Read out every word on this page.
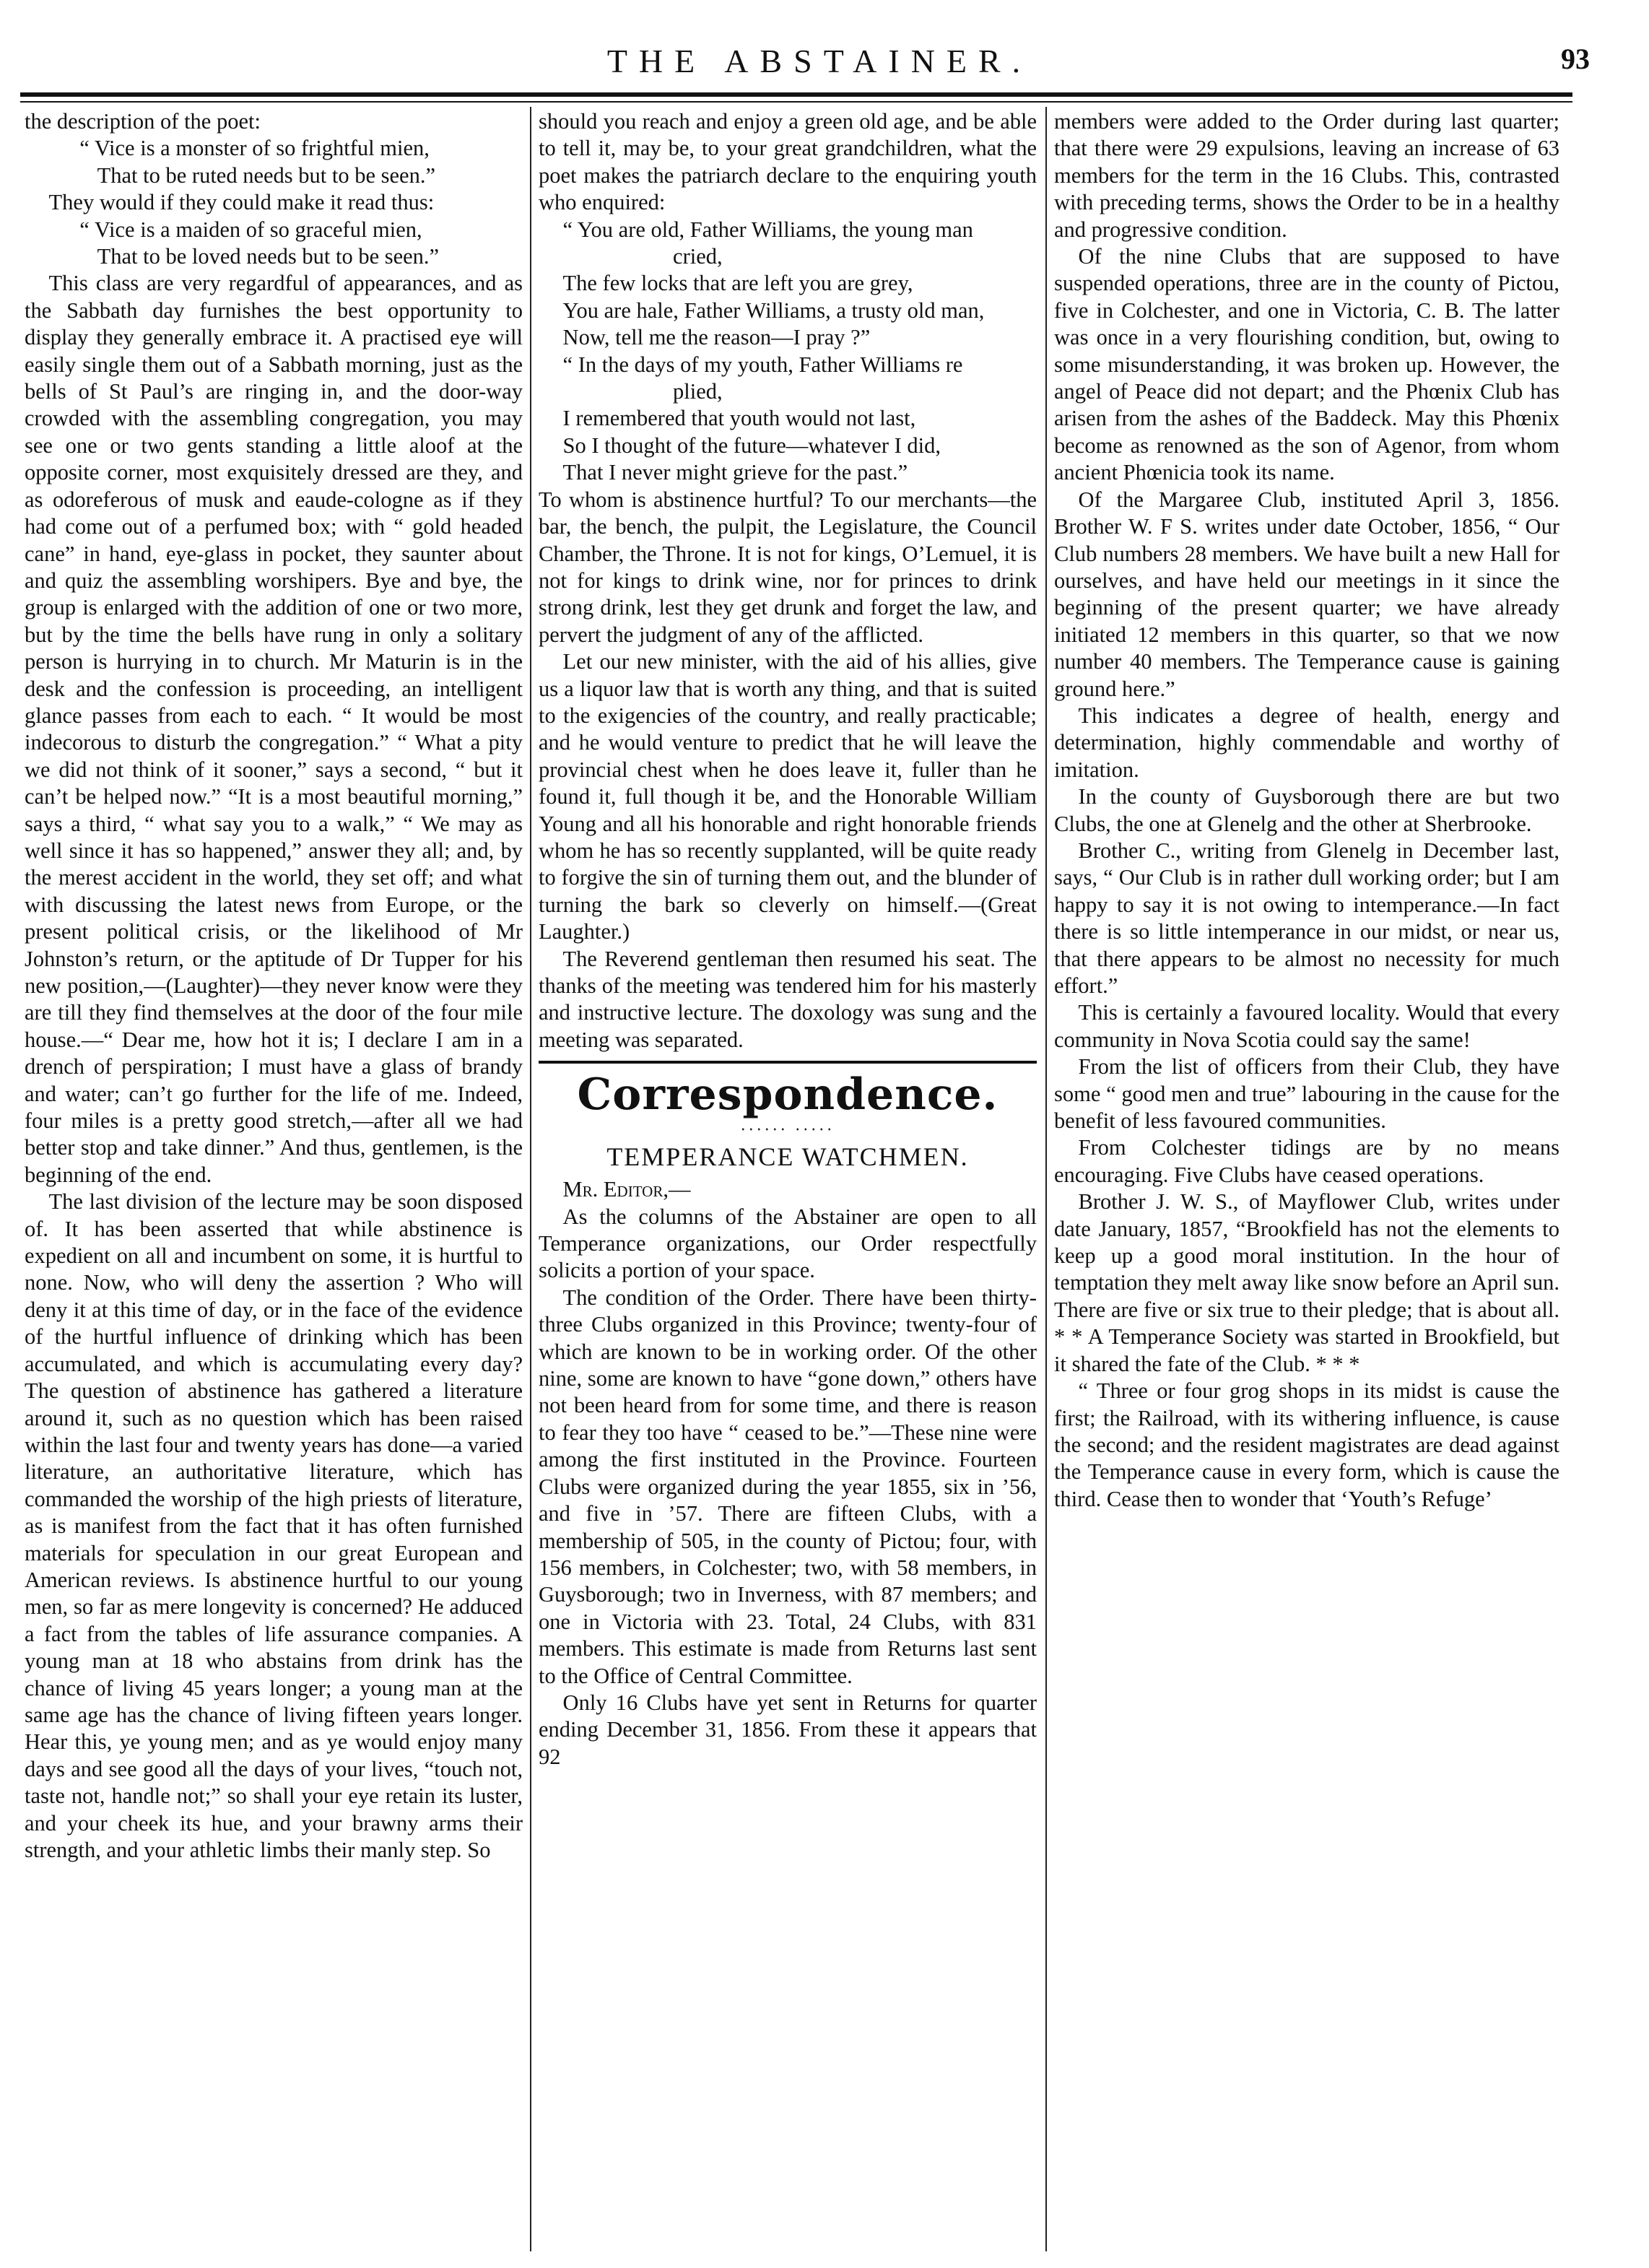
THE ABSTAINER.	93

the description of the poet:

“ Vice is a monster of so frightful mien,

That to be ruted needs but to be seen.”

They would if they could make it read thus:

“ Vice is a maiden of so graceful mien,

That to be loved needs but to be seen.”

This class are very regardful of appearances, and as the Sabbath day furnishes the best opportunity to display they generally embrace it. A practised eye will easily single them out of a Sabbath morning, just as the bells of St Paul’s are ringing in, and the door-way crowded with the assembling congregation, you may see one or two gents standing a little aloof at the opposite corner, most exquisitely dressed are they, and as odoreferous of musk and eaude-cologne as if they had come out of a perfumed box; with “ gold headed cane” in hand, eye-glass in pocket, they saunter about and quiz the assembling worshipers. Bye and bye, the group is enlarged with the addition of one or two more, but by the time the bells have rung in only a solitary person is hurrying in to church. Mr Maturin is in the desk and the confession is proceeding, an intelligent glance passes from each to each. “ It would be most indecorous to disturb the congregation.” “ What a pity we did not think of it sooner,” says a second, “ but it can’t be helped now.” “It is a most beautiful morning,” says a third, “ what say you to a walk,” “ We may as well since it has so happened,” answer they all; and, by the merest accident in the world, they set off; and what with discussing the latest news from Europe, or the present political crisis, or the likelihood of Mr Johnston’s return, or the aptitude of Dr Tupper for his new position,—(Laughter)—they never know were they are till they find themselves at the door of the four mile house.—“ Dear me, how hot it is; I declare I am in a drench of perspiration; I must have a glass of brandy and water; can’t go further for the life of me. Indeed, four miles is a pretty good stretch,—after all we had better stop and take dinner.” And thus, gentlemen, is the beginning of the end.

The last division of the lecture may be soon disposed of. It has been asserted that while abstinence is expedient on all and incumbent on some, it is hurtful to none. Now, who will deny the assertion ? Who will deny it at this time of day, or in the face of the evidence of the hurtful influence of drinking which has been accumulated, and which is accumulating every day? The question of abstinence has gathered a literature around it, such as no question which has been raised within the last four and twenty years has done—a varied literature, an authoritative literature, which has commanded the worship of the high priests of literature, as is manifest from the fact that it has often furnished materials for speculation in our great European and American reviews. Is abstinence hurtful to our young men, so far as mere longevity is concerned? He adduced a fact from the tables of life assurance companies. A young man at 18 who abstains from drink has the chance of living 45 years longer; a young man at the same age has the chance of living fifteen years longer. Hear this, ye young men; and as ye would enjoy many days and see good all the days of your lives, “touch not, taste not, handle not;” so shall your eye retain its luster, and your cheek its hue, and your brawny arms their strength, and your athletic limbs their manly step. So

should you reach and enjoy a green old age, and be able to tell it, may be, to your great grandchildren, what the poet makes the patriarch declare to the enquiring youth who enquired:

“ You are old, Father Williams, the young man

cried,

The few locks that are left you are grey,

You are hale, Father Williams, a trusty old man,

Now, tell me the reason—I pray ?”

“ In the days of my youth, Father Williams re

plied,

I remembered that youth would not last,

So I thought of the future—whatever I did,

That I never might grieve for the past.”

To whom is abstinence hurtful? To our merchants—the bar, the bench, the pulpit, the Legislature, the Council Chamber, the Throne. It is not for kings, O’Lemuel, it is not for kings to drink wine, nor for princes to drink strong drink, lest they get drunk and forget the law, and pervert the judgment of any of the afflicted.

Let our new minister, with the aid of his allies, give us a liquor law that is worth any thing, and that is suited to the exigencies of the country, and really practicable; and he would venture to predict that he will leave the provincial chest when he does leave it, fuller than he found it, full though it be, and the Honorable William Young and all his honorable and right honorable friends whom he has so recently supplanted, will be quite ready to forgive the sin of turning them out, and the blunder of turning the bark so cleverly on himself.—(Great Laughter.)

The Reverend gentleman then resumed his seat. The thanks of the meeting was tendered him for his masterly and instructive lecture. The doxology was sung and the meeting was separated.

Correspondence.
‧‧‧‧‧‧ ‧‧‧‧‧
TEMPERANCE WATCHMEN.

Mr. Editor,—

As the columns of the Abstainer are open to all Temperance organizations, our Order respectfully solicits a portion of your space.

The condition of the Order. There have been thirty-three Clubs organized in this Province; twenty-four of which are known to be in working order. Of the other nine, some are known to have “gone down,” others have not been heard from for some time, and there is reason to fear they too have “ ceased to be.”—These nine were among the first instituted in the Province. Fourteen Clubs were organized during the year 1855, six in ’56, and five in ’57. There are fifteen Clubs, with a membership of 505, in the county of Pictou; four, with 156 members, in Colchester; two, with 58 members, in Guysborough; two in Inverness, with 87 members; and one in Victoria with 23. Total, 24 Clubs, with 831 members. This estimate is made from Returns last sent to the Office of Central Committee.

Only 16 Clubs have yet sent in Returns for quarter ending December 31, 1856. From these it appears that 92

members were added to the Order during last quarter; that there were 29 expulsions, leaving an increase of 63 members for the term in the 16 Clubs. This, contrasted with preceding terms, shows the Order to be in a healthy and progressive condition.

Of the nine Clubs that are supposed to have suspended operations, three are in the county of Pictou, five in Colchester, and one in Victoria, C. B. The latter was once in a very flourishing condition, but, owing to some misunderstanding, it was broken up. However, the angel of Peace did not depart; and the Phœnix Club has arisen from the ashes of the Baddeck. May this Phœnix become as renowned as the son of Agenor, from whom ancient Phœnicia took its name.

Of the Margaree Club, instituted April 3, 1856. Brother W. F S. writes under date October, 1856, “ Our Club numbers 28 members. We have built a new Hall for ourselves, and have held our meetings in it since the beginning of the present quarter; we have already initiated 12 members in this quarter, so that we now number 40 members. The Temperance cause is gaining ground here.”

This indicates a degree of health, energy and determination, highly commendable and worthy of imitation.

In the county of Guysborough there are but two Clubs, the one at Glenelg and the other at Sherbrooke.

Brother C., writing from Glenelg in December last, says, “ Our Club is in rather dull working order; but I am happy to say it is not owing to intemperance.—In fact there is so little intemperance in our midst, or near us, that there appears to be almost no necessity for much effort.”

This is certainly a favoured locality. Would that every community in Nova Scotia could say the same!

From the list of officers from their Club, they have some “ good men and true” labouring in the cause for the benefit of less favoured communities.

From Colchester tidings are by no means encouraging. Five Clubs have ceased operations.

Brother J. W. S., of Mayflower Club, writes under date January, 1857, “Brookfield has not the elements to keep up a good moral institution. In the hour of temptation they melt away like snow before an April sun. There are five or six true to their pledge; that is about all. * * A Temperance Society was started in Brookfield, but it shared the fate of the Club. * * *

“ Three or four grog shops in its midst is cause the first; the Railroad, with its withering influence, is cause the second; and the resident magistrates are dead against the Temperance cause in every form, which is cause the third. Cease then to wonder that ‘Youth’s Refuge’
